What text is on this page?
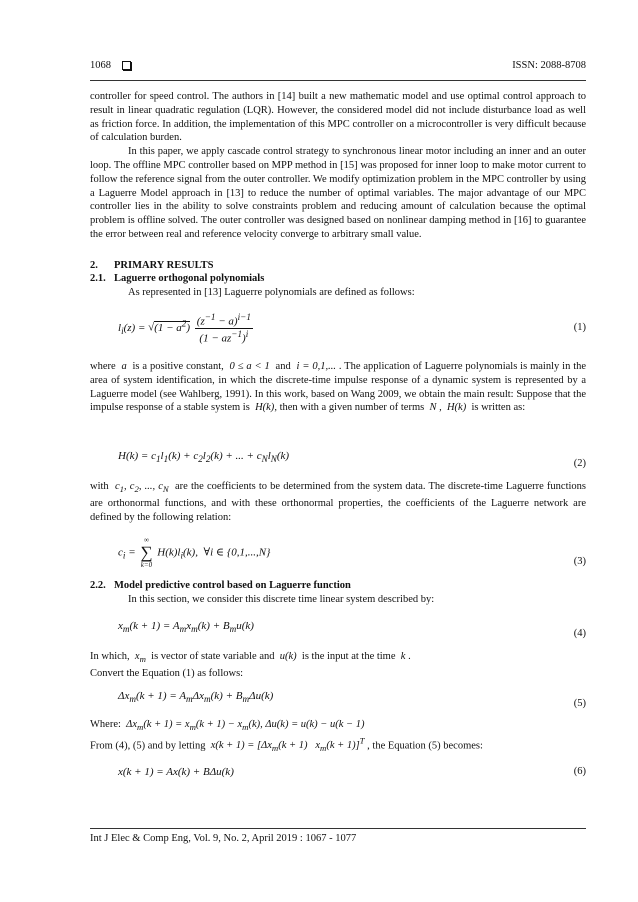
1068	ISSN: 2088-8708

controller for speed control. The authors in [14] built a new mathematic model and use optimal control approach to result in linear quadratic regulation (LQR). However, the considered model did not include disturbance load as well as friction force. In addition, the implementation of this MPC controller on a microcontroller is very difficult because of calculation burden.

In this paper, we apply cascade control strategy to synchronous linear motor including an inner and an outer loop. The offline MPC controller based on MPP method in [15] was proposed for inner loop to make motor current to follow the reference signal from the outer controller. We modify optimization problem in the MPC controller by using a Laguerre Model approach in [13] to reduce the number of optimal variables. The major advantage of our MPC controller lies in the ability to solve constraints problem and reducing amount of calculation because the optimal problem is offline solved. The outer controller was designed based on nonlinear damping method in [16] to guarantee the error between real and reference velocity converge to arbitrary small value.

2. PRIMARY RESULTS
2.1. Laguerre orthogonal polynomials

As represented in [13] Laguerre polynomials are defined as follows:

$l_i(z) = √(1 - a^2) \frac{(z^{-1} - a)^{i-1}}{(1 - az^{-1})^i}$	(1)

where  a  is a positive constant,  0 ≤ a < 1  and  i = 0,1,... . The application of Laguerre polynomials is mainly in the area of system identification, in which the discrete-time impulse response of a dynamic system is represented by a Laguerre model (see Wahlberg, 1991). In this work, based on Wang 2009, we obtain the main result: Suppose that the impulse response of a stable system is  H(k), then with a given number of terms  N ,  H(k)  is written as:

$H(k) = c_1l_1(k) + c_2l_2(k)$ + ... + $c_Nl_N(k)$
(2)

with  $c_1$, $c_2$, ..., $c_N$ are the coefficients to be determined from the system data. The discrete-time Laguerre functions are orthonormal functions, and with these orthonormal properties, the coefficients of the Laguerre network are defined by the following relation:

$c_i$ =
∞
∑
k=0
$H(k)l_i(k)$,  ∀i ∈ {0,1,...,N}
(3)
2.2. Model predictive control based on Laguerre function

In this section, we consider this discrete time linear system described by:

$x_m(k + 1) = A_mx_m(k) + B_mu(k)$
(4)

In which,  $x_m$ is vector of state variable and  u(k)  is the input at the time  k .

Convert the Equation (1) as follows:

$\Delta x_m(k + 1) = A_m\Delta x_m(k) + B_m\Delta u(k)$
(5)

Where:  $\Delta x_m(k + 1) = x_m(k + 1) - x_m(k)$, Δu(k) = u(k) − u(k − 1)

From (4), (5) and by letting  $x(k + 1) = [\Delta x_m(k + 1) x_m(k + 1)]^T$ , the Equation (5) becomes:

x(k + 1) = Ax(k) + BΔu(k)	(6)
Int J Elec & Comp Eng, Vol. 9, No. 2, April 2019 : 1067 - 1077
